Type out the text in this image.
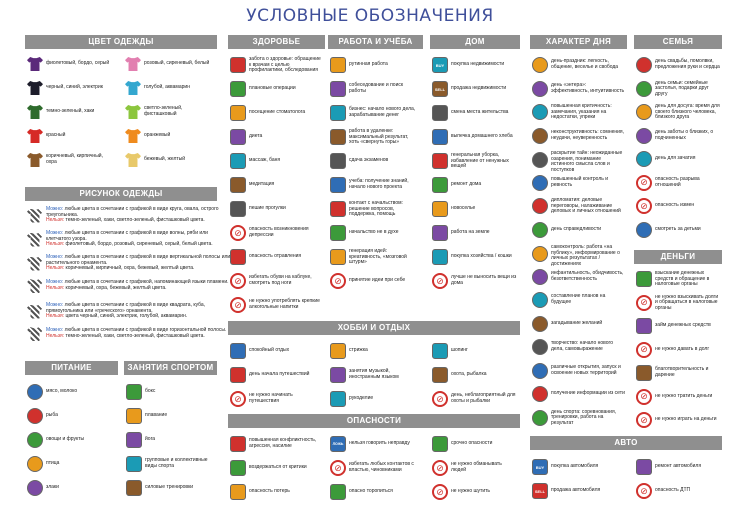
УСЛОВНЫЕ ОБОЗНАЧЕНИЯ
ЦВЕТ ОДЕЖДЫ
РИСУНОК ОДЕЖДЫ
ПИТАНИЕ	ЗАНЯТИЯ СПОРТОМ
ЗДОРОВЬЕ	РАБОТА И УЧЁБА	ДОМ
ХОББИ И ОТДЫХ
ОПАСНОСТИ
ХАРАКТЕР ДНЯ	СЕМЬЯ
ДЕНЬГИ
АВТО
фиолетовый, бордо, серый	розовый, сиреневый, белый
черный, синий, электрик	голубой, аквамарин
темно-зеленый, хаки	светло-зеленый, фисташковый
красный	оранжевый
коричневый, кирпичный, охра	бежевый, желтый
Можно: любые цвета в сочетании с графикой в виде круга, овала, острого треугольника.
Нельзя: темно-зеленый, хаки, светло-зеленый, фисташковый цвета.
Можно: любые цвета в сочетании с графикой в виде волны, ряби или клетчатого узора.
Нельзя: фиолетовый, бордо, розовый, сиреневый, серый, белый цвета.
Можно: любые цвета в сочетании с графикой в виде вертикальной полосы или растительного орнамента.
Нельзя: коричневый, кирпичный, охра, бежевый, желтый цвета.
Можно: любые цвета в сочетании с графикой, напоминающей языки пламени.
Нельзя: коричневый, охра, бежевый, желтый цвета.
Можно: любые цвета в сочетании с графикой в виде квадрата, куба, прямоугольника или «греческого» орнамента.
Нельзя: цвета черный, синий, электрик, голубой, аквамарин.
Можно: любые цвета в сочетании с графикой в виде горизонтальной полосы.
Нельзя: темно-зеленый, хаки, светло-зеленый, фисташковый цвета.
мясо, молоко
рыба
овощи и фрукты
птица
злаки
бокс
плавание
йога
групповые и коллективные виды спорта
силовые тренировки
забота о здоровье: обращение к врачам с целью профилактики, обследования
плановые операции
посещение стоматолога
диета
массаж, баня
медитация
пешие прогулки
⊘	опасность возникновения депрессии
опасность отравления
⊘	избегать обуви на каблуке, смотреть под ноги
⊘	не нужно употреблять крепкие алкогольные напитки
рутинная работа
собеседование и поиск работы
бизнес: начало нового дела, зарабатывание денег
работа в удаленке: максимальный результат, хоть «свернуть горы»
сдача экзаменов
учеба: получение знаний, начало нового проекта
контакт с начальством: решение вопросов, поддержка, помощь
начальство не в духе
генерация идей: креативность, «мозговой штурм»
⊘	принятие идеи при себе
BUY	покупка недвижимости
SELL	продажа недвижимости
смена места жительства
выпечка домашнего хлеба
генеральная уборка, избавление от ненужных вещей
ремонт дома
новоселье
работа на земле
покупка хозяйства / кошки
⊘	лучше не выносить вещи из дома
спокойный отдых
день начала путешествий
⊘	не нужно начинать путешествия
стрижка
занятия музыкой, иностранным языком
рукоделие
шопинг
охота, рыбалка
⊘	день, неблагоприятный для охоты и рыбалки
повышенная конфликтность, агрессия, насилие
воздержаться от критики
опасность потерь
ЛОЖЬ	нельзя говорить неправду
⊘	избегать любых контактов с властью, чиновниками
опасно торопиться
срочно опасности
⊘	не нужно обманывать людей
⊘	не нужно шутить
день-праздник: легкость, общение, веселье и свобода
день «энтерa»: эффективность, интуитивность
повышенная критичность: замечания, указания на недостатки, упреки
неконструктивность: сомнения, неудачи, неуверенность
раскрытие тайн: неожиданные озарения, понимание истинного смысла слов и поступков
повышенный контроль и ревность
дипломатия: деловые переговоры, налаживание деловых и личных отношений
день справедливости
самоконтроль: работа «на публику», информирование о личных результатах / достижениях
инфантильность, обидчивость, безответственность
составление планов на будущее
загадывание желаний
творчество: начало нового дела, самовыражение
различные открытия, запуск и освоение новых территорий
получение информации из сети
день спорта: соревнования, тренировки, работа на результат
день свадьбы, помолвки, предложения руки и сердца
день семьи: семейные застолья, подарки друг другу
день для досуга: время для своего близкого человека, близкого друга
день заботы о близких, о подчиненных
день для зачатия
⊘	опасность разрыва отношений
⊘	опасность измен
смотреть за детьми
взыскание денежных средств и обращение в налоговые органы
⊘
не нужно взыскивать долги и обращаться в налоговые органы
займ денежных средств
⊘	не нужно давать в долг
благотворительность и дарение
⊘	не нужно тратить деньги
⊘	не нужно играть на деньги
BUY	покупка автомобиля
SELL	продажа автомобиля
ремонт автомобиля
⊘	опасность ДТП
